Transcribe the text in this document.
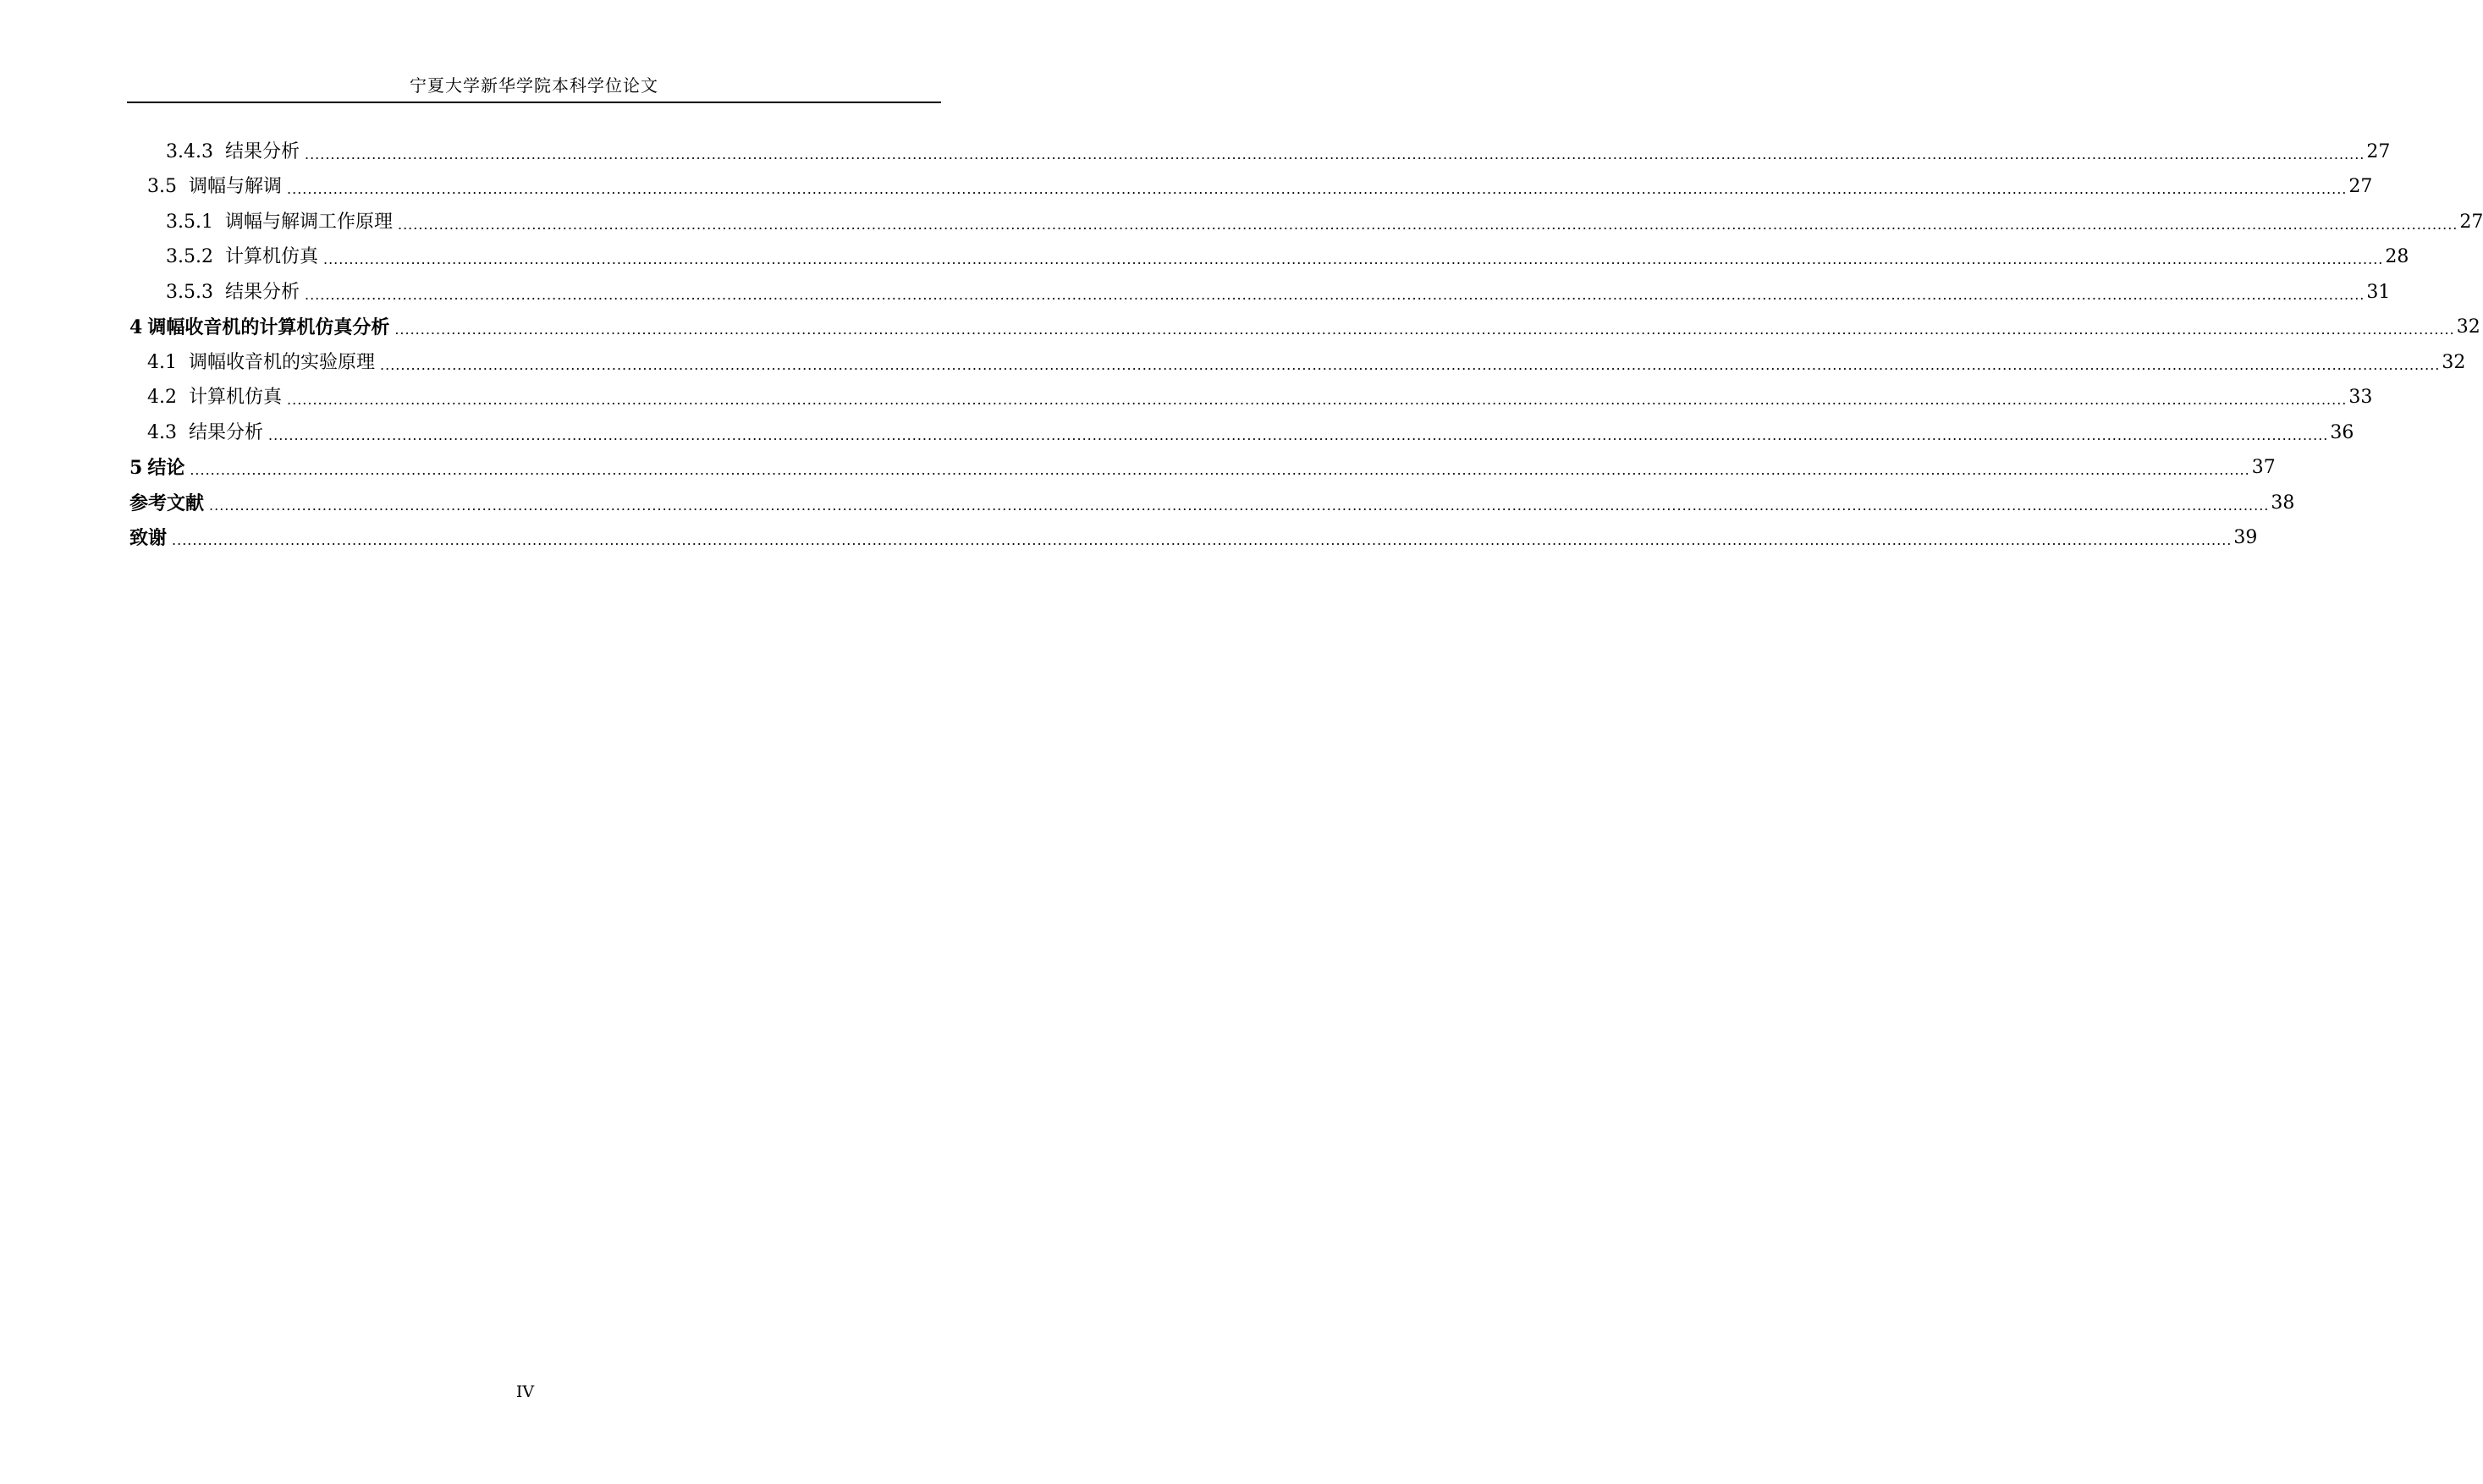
宁夏大学新华学院本科学位论文
3.4.3 结果分析 ................................................................................................................................................................................................................................................................................................................................................................................................................ 27
3.5 调幅与解调 ................................................................................................................................................................................................................................................................................................................................................................................................................ 27
3.5.1 调幅与解调工作原理 ................................................................................................................................................................................................................................................................................................................................................................................................................ 27
3.5.2 计算机仿真 ................................................................................................................................................................................................................................................................................................................................................................................................................ 28
3.5.3 结果分析 ................................................................................................................................................................................................................................................................................................................................................................................................................ 31
4 调幅收音机的计算机仿真分析 ................................................................................................................................................................................................................................................................................................................................................................................................................ 32
4.1 调幅收音机的实验原理 ................................................................................................................................................................................................................................................................................................................................................................................................................ 32
4.2 计算机仿真 ................................................................................................................................................................................................................................................................................................................................................................................................................ 33
4.3 结果分析 ................................................................................................................................................................................................................................................................................................................................................................................................................ 36
5 结论 ................................................................................................................................................................................................................................................................................................................................................................................................................ 37
参考文献 ................................................................................................................................................................................................................................................................................................................................................................................................................ 38
致谢 ................................................................................................................................................................................................................................................................................................................................................................................................................ 39
IV
